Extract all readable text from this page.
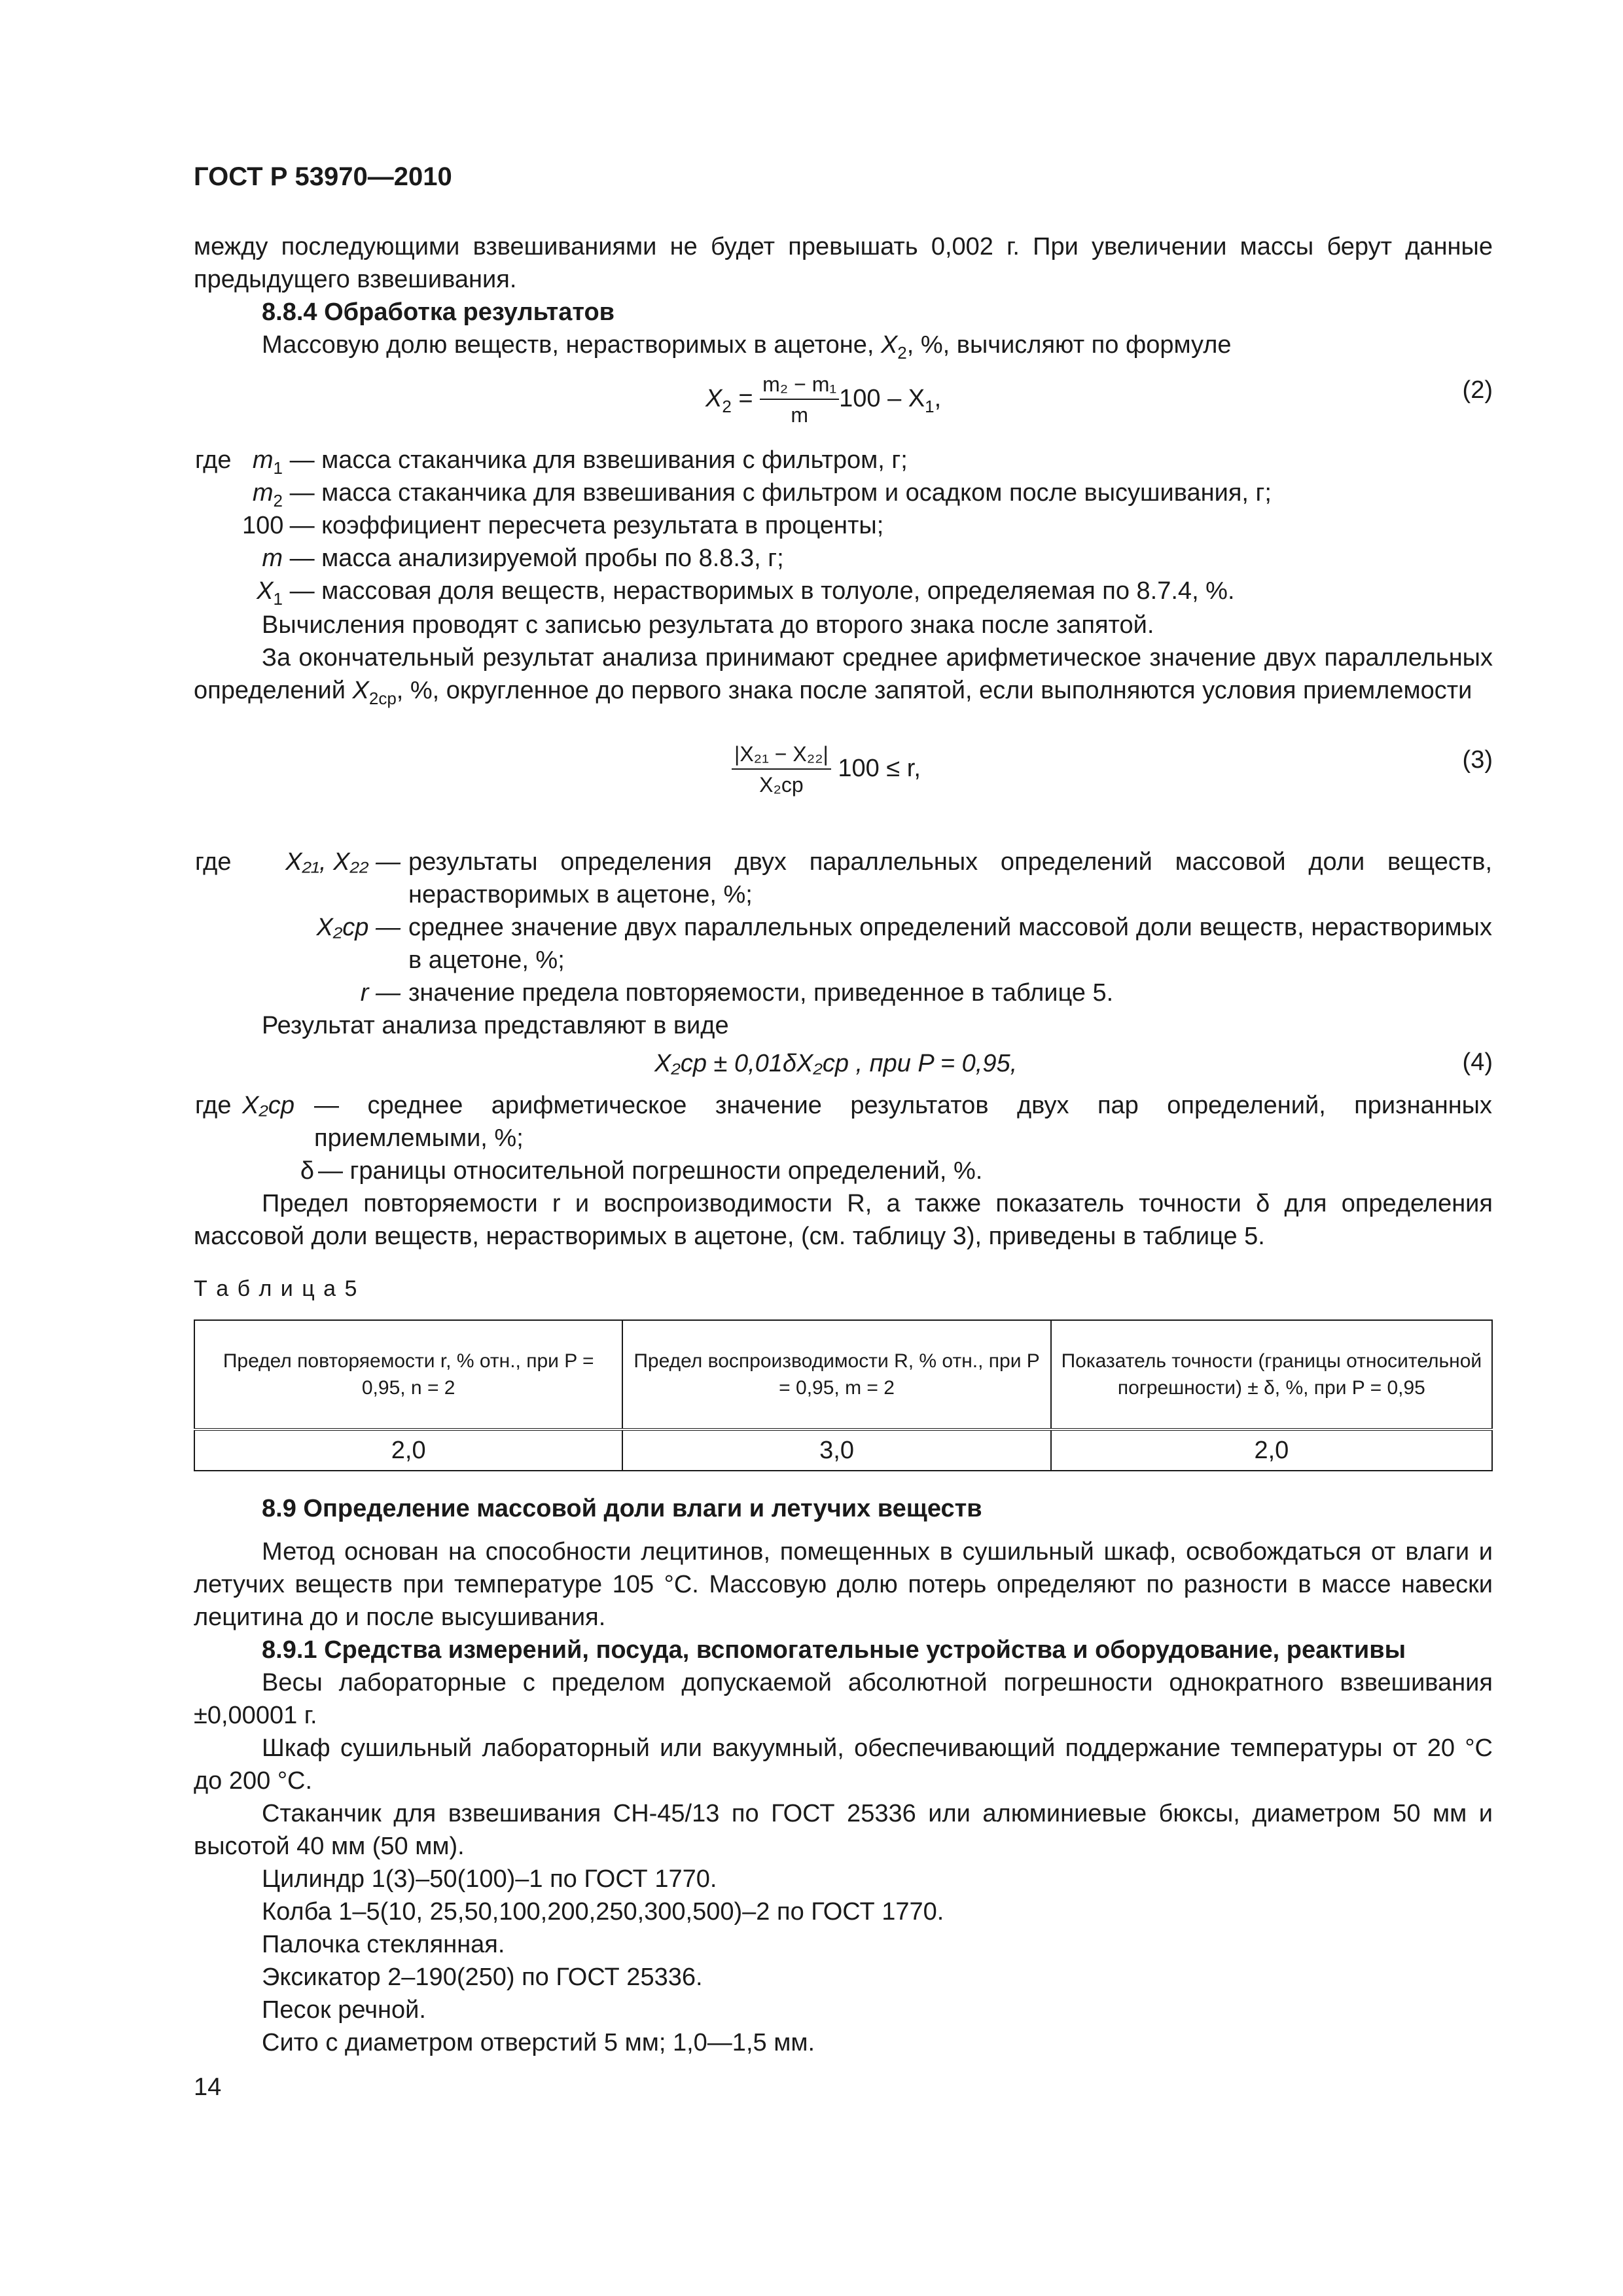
ГОСТ Р 53970—2010
между последующими взвешиваниями не будет превышать 0,002 г. При увеличении массы берут данные предыдущего взвешивания.
8.8.4 Обработка результатов
Массовую долю веществ, нерастворимых в ацетоне, $X_2$, %, вычисляют по формуле
$X_2 = \frac{\text{m₂ − m₁}}{m} 100 - X_1$,	(2)
где $m_1$ — масса стаканчика для взвешивания с фильтром, г;
$m_2$ — масса стаканчика для взвешивания с фильтром и осадком после высушивания, г;
100 — коэффициент пересчета результата в проценты;
m — масса анализируемой пробы по 8.8.3, г;
$X_1$ — массовая доля веществ, нерастворимых в толуоле, определяемая по 8.7.4, %.
Вычисления проводят с записью результата до второго знака после запятой.
За окончательный результат анализа принимают среднее арифметическое значение двух параллельных определений $X_{2ср}$, %, округленное до первого знака после запятой, если выполняются условия приемлемости
$\frac{\text{|X₂₁ − X₂₂|}}{\text{X₂ср}} 100 \le r$,	(3)
где	X₂₁, X₂₂ — результаты определения двух параллельных определений массовой доли веществ, нерастворимых в ацетоне, %;
X₂ср — среднее значение двух параллельных определений массовой доли веществ, нерастворимых в ацетоне, %;
r — значение предела повторяемости, приведенное в таблице 5.
Результат анализа представляют в виде
X₂ср ± 0,01δX₂ср , при P = 0,95,	(4)
где X₂ср — среднее арифметическое значение результатов двух пар определений, признанных приемлемыми, %;
δ — границы относительной погрешности определений, %.
Предел повторяемости r и воспроизводимости R, а также показатель точности δ для определения массовой доли веществ, нерастворимых в ацетоне, (см. таблицу 3), приведены в таблице 5.
Т а б л и ц а 5
Предел повторяемости r, % отн., при P = 0,95, n = 2	Предел воспроизводимости R, % отн., при P = 0,95, m = 2	Показатель точности (границы относительной погрешности) ± δ, %, при P = 0,95
2,0	3,0	2,0
8.9 Определение массовой доли влаги и летучих веществ
Метод основан на способности лецитинов, помещенных в сушильный шкаф, освобождаться от влаги и летучих веществ при температуре 105 °С. Массовую долю потерь определяют по разности в массе навески лецитина до и после высушивания.
8.9.1 Средства измерений, посуда, вспомогательные устройства и оборудование, реактивы
Весы лабораторные с пределом допускаемой абсолютной погрешности однократного взвешивания ±0,00001 г.
Шкаф сушильный лабораторный или вакуумный, обеспечивающий поддержание температуры от 20 °С до 200 °С.
Стаканчик для взвешивания СН-45/13 по ГОСТ 25336 или алюминиевые бюксы, диаметром 50 мм и высотой 40 мм (50 мм).
Цилиндр 1(3)–50(100)–1 по ГОСТ 1770.
Колба 1–5(10, 25,50,100,200,250,300,500)–2 по ГОСТ 1770.
Палочка стеклянная.
Эксикатор 2–190(250) по ГОСТ 25336.
Песок речной.
Сито с диаметром отверстий 5 мм; 1,0—1,5 мм.
14
